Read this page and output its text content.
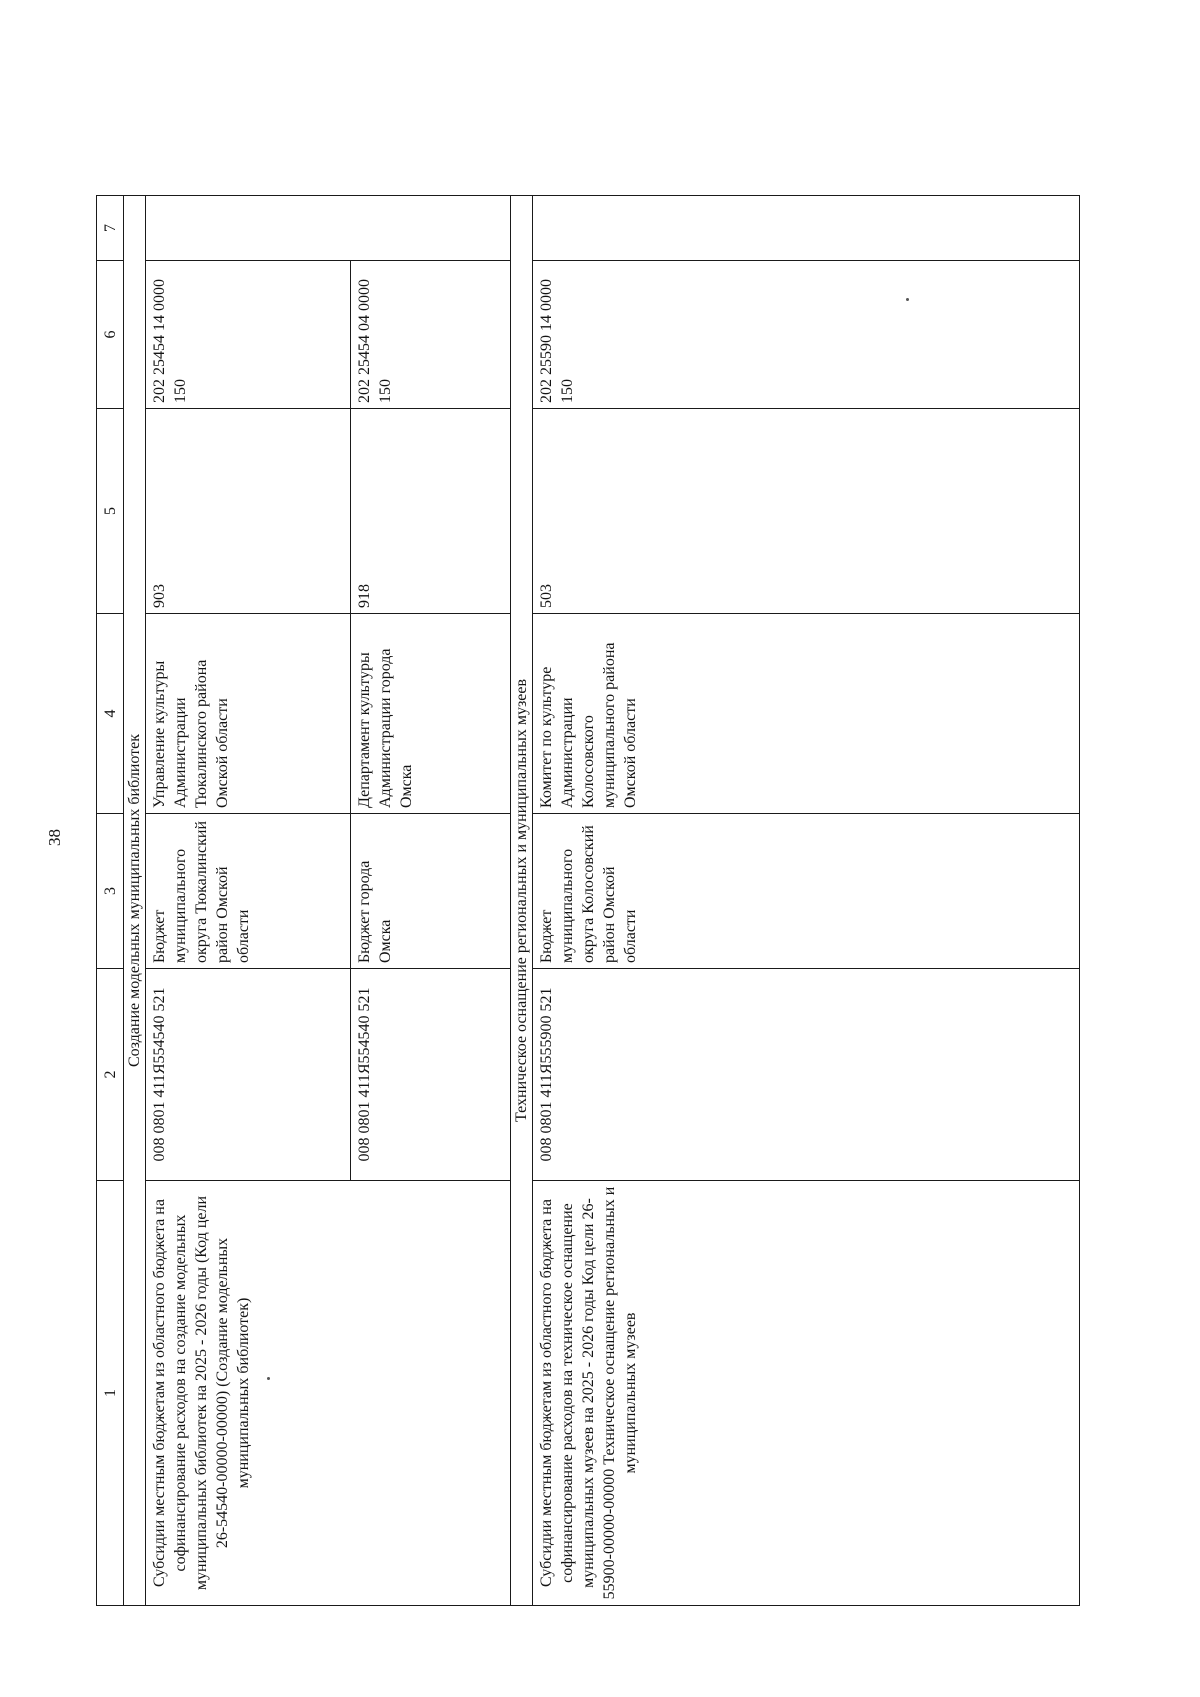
38
1	2	3	4	5	6	7
Создание модельных муниципальных библиотек						
Субсидии местным бюджетам из областного бюджета на софинансирование расходов на создание модельных муниципальных библиотек на 2025 - 2026 годы (Код цели 26-54540-00000-00000) (Создание модельных муниципальных библиотек)	008 0801 411Я554540 521	Бюджет муниципального округа Тюкалинский район Омской области	Управление культуры Администрации Тюкалинского района Омской области	903	202 25454 14 0000 150	
	008 0801 411Я554540 521	Бюджет города Омска	Департамент культуры Администрации города Омска	918	202 25454 04 0000 150	
Техническое оснащение региональных и муниципальных музеев						
Субсидии местным бюджетам из областного бюджета на софинансирование расходов на техническое оснащение муниципальных музеев на 2025 - 2026 годы Код цели 26-55900-00000-00000 Техническое оснащение региональных и муниципальных музеев	008 0801 411Я555900 521	Бюджет муниципального округа Колосовский район Омской области	Комитет по культуре Администрации Колосовского муниципального района Омской области	503	202 25590 14 0000 150	
